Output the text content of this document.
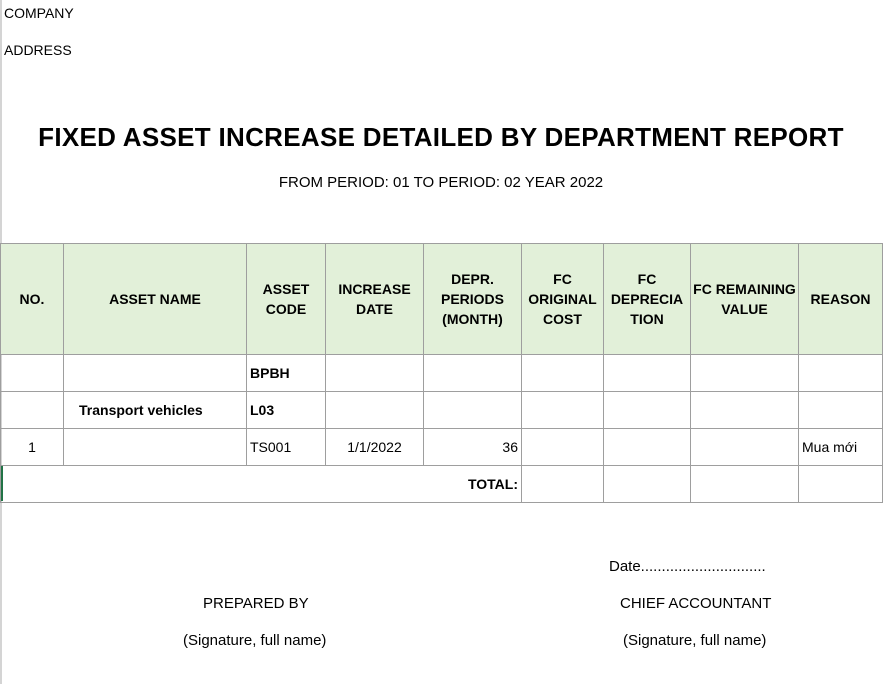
COMPANY
ADDRESS
FIXED ASSET INCREASE DETAILED BY DEPARTMENT REPORT
FROM PERIOD: 01 TO PERIOD: 02 YEAR 2022
NO.	ASSET NAME	ASSET CODE	INCREASE DATE	DEPR. PERIODS (MONTH)	FC ORIGINAL COST	FC DEPRECIA TION	FC REMAINING VALUE	REASON
		BPBH						
	Transport vehicles	L03						
1		TS001	1/1/2022	36				Mua mới
TOTAL:								
Date..............................
PREPARED BY	CHIEF ACCOUNTANT
(Signature, full name)	(Signature, full name)
